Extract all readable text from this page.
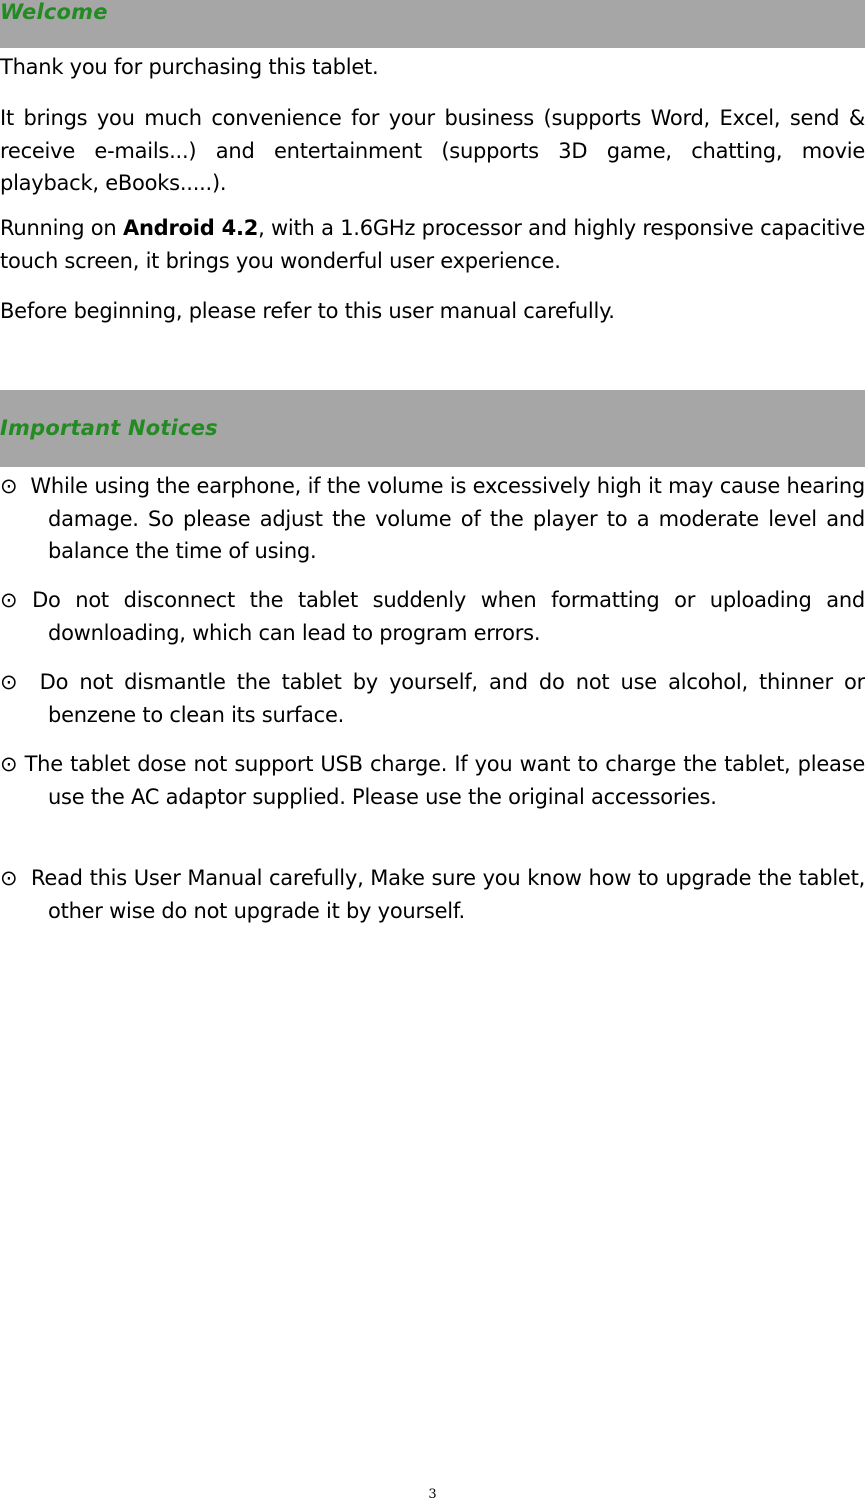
Welcome

Thank you for purchasing this tablet.

It brings you much convenience for your business (supports Word, Excel, send & receive e-mails...) and entertainment (supports 3D game, chatting, movie playback, eBooks.....).

Running on Android 4.2, with a 1.6GHz processor and highly responsive capacitive touch screen, it brings you wonderful user experience.

Before beginning, please refer to this user manual carefully.

Important Notices
⊙ While using the earphone, if the volume is excessively high it may cause hearing damage. So please adjust the volume of the player to a moderate level and balance the time of using.
⊙ Do not disconnect the tablet suddenly when formatting or uploading and downloading, which can lead to program errors.
⊙ Do not dismantle the tablet by yourself, and do not use alcohol, thinner or benzene to clean its surface.
⊙ The tablet dose not support USB charge. If you want to charge the tablet, please use the AC adaptor supplied. Please use the original accessories.
⊙ Read this User Manual carefully, Make sure you know how to upgrade the tablet, other wise do not upgrade it by yourself.
3
